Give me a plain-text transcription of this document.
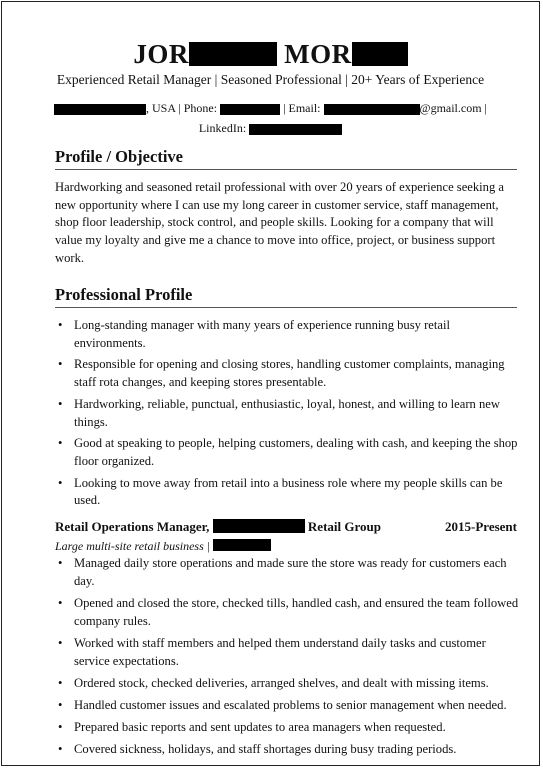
JOR	MOR
Experienced Retail Manager | Seasoned Professional | 20+ Years of Experience
, USA | Phone:	| Email:	@gmail.com |
LinkedIn:
Profile / Objective
Hardworking and seasoned retail professional with over 20 years of experience seeking a new opportunity where I can use my long career in customer service, staff management, shop floor leadership, stock control, and people skills. Looking for a company that will value my loyalty and give me a chance to move into office, project, or business support work.
Professional Profile
• Long-standing manager with many years of experience running busy retail environments.
• Responsible for opening and closing stores, handling customer complaints, managing staff rota changes, and keeping stores presentable.
• Hardworking, reliable, punctual, enthusiastic, loyal, honest, and willing to learn new things.
• Good at speaking to people, helping customers, dealing with cash, and keeping the shop floor organized.
• Looking to move away from retail into a business role where my people skills can be used.
Retail Operations Manager,	Retail Group	2015-Present
Large multi-site retail business |
• Managed daily store operations and made sure the store was ready for customers each day.
• Opened and closed the store, checked tills, handled cash, and ensured the team followed company rules.
• Worked with staff members and helped them understand daily tasks and customer service expectations.
• Ordered stock, checked deliveries, arranged shelves, and dealt with missing items.
• Handled customer issues and escalated problems to senior management when needed.
• Prepared basic reports and sent updates to area managers when requested.
• Covered sickness, holidays, and staff shortages during busy trading periods.
